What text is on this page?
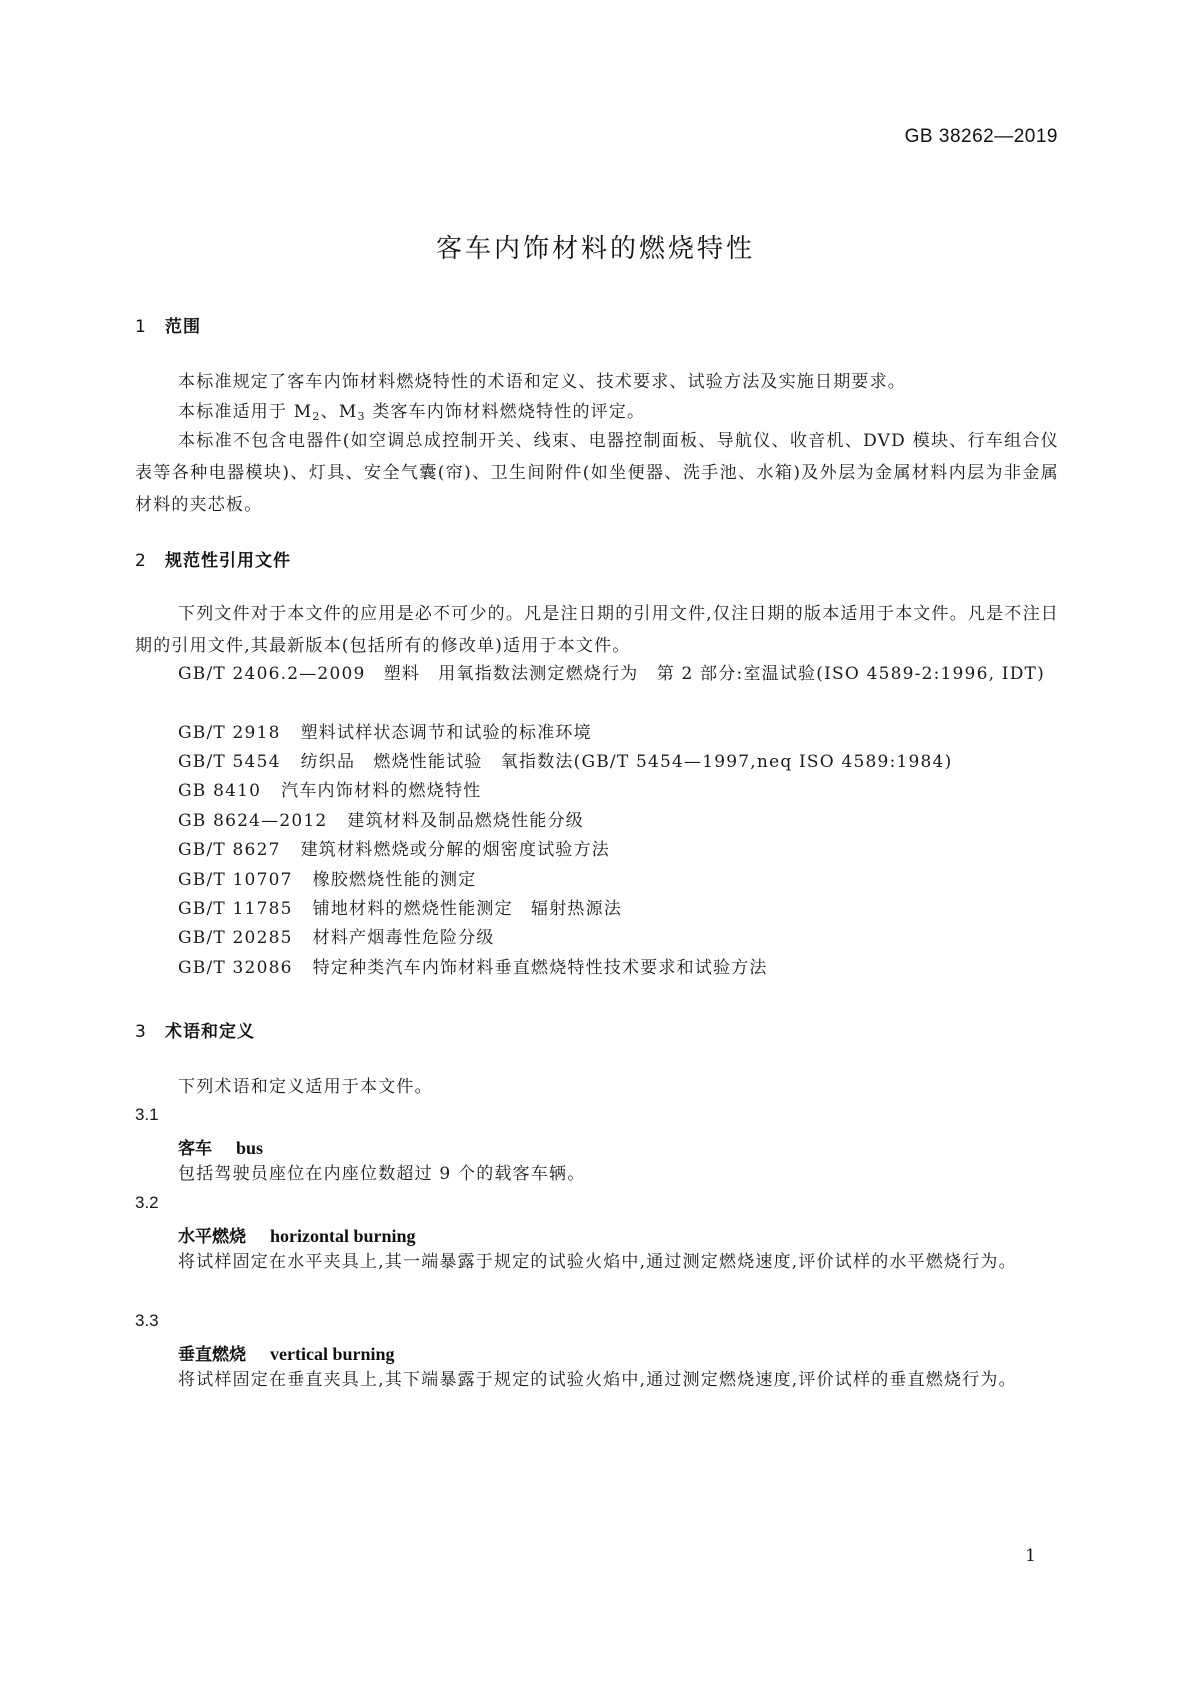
GB 38262—2019
客车内饰材料的燃烧特性
1 范围
本标准规定了客车内饰材料燃烧特性的术语和定义、技术要求、试验方法及实施日期要求。
本标准适用于 $M_2$、$M_3$ 类客车内饰材料燃烧特性的评定。
本标准不包含电器件(如空调总成控制开关、线束、电器控制面板、导航仪、收音机、DVD 模块、行车组合仪表等各种电器模块)、灯具、安全气囊(帘)、卫生间附件(如坐便器、洗手池、水箱)及外层为金属材料内层为非金属材料的夹芯板。
2 规范性引用文件
下列文件对于本文件的应用是必不可少的。凡是注日期的引用文件,仅注日期的版本适用于本文件。凡是不注日期的引用文件,其最新版本(包括所有的修改单)适用于本文件。
GB/T 2406.2—2009　塑料　用氧指数法测定燃烧行为　第 2 部分:室温试验(ISO 4589-2:1996, IDT)
GB/T 2918 塑料试样状态调节和试验的标准环境
GB/T 5454 纺织品　燃烧性能试验　氧指数法(GB/T 5454—1997,neq ISO 4589:1984)
GB 8410 汽车内饰材料的燃烧特性
GB 8624—2012 建筑材料及制品燃烧性能分级
GB/T 8627 建筑材料燃烧或分解的烟密度试验方法
GB/T 10707 橡胶燃烧性能的测定
GB/T 11785 铺地材料的燃烧性能测定　辐射热源法
GB/T 20285 材料产烟毒性危险分级
GB/T 32086 特定种类汽车内饰材料垂直燃烧特性技术要求和试验方法
3 术语和定义
下列术语和定义适用于本文件。
3.1
客车 bus
包括驾驶员座位在内座位数超过 9 个的载客车辆。
3.2
水平燃烧 horizontal burning
将试样固定在水平夹具上,其一端暴露于规定的试验火焰中,通过测定燃烧速度,评价试样的水平燃烧行为。
3.3
垂直燃烧 vertical burning
将试样固定在垂直夹具上,其下端暴露于规定的试验火焰中,通过测定燃烧速度,评价试样的垂直燃烧行为。
1
